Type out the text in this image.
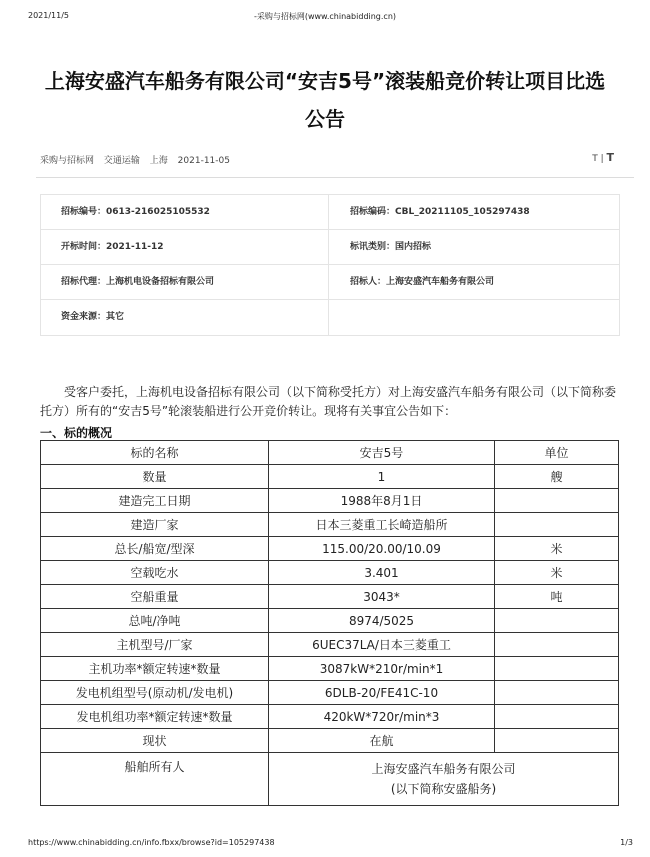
2021/11/5	-采购与招标网(www.chinabidding.cn)
上海安盛汽车船务有限公司“安吉5号”滚装船竞价转让项目比选公告
采购与招标网 交通运输 上海 2021-11-05	T | T
招标编号：0613-216025105532	招标编码：CBL_20211105_105297438
开标时间：2021-11-12	标讯类别：国内招标
招标代理：上海机电设备招标有限公司	招标人：上海安盛汽车船务有限公司
资金来源：其它
受客户委托，上海机电设备招标有限公司（以下简称受托方）对上海安盛汽车船务有限公司（以下简称委托方）所有的“安吉5号”轮滚装船进行公开竞价转让。现将有关事宜公告如下：
一、标的概况
标的名称	安吉5号	单位
数量	1	艘
建造完工日期	1988年8月1日	
建造厂家	日本三菱重工长崎造船所	
总长/船宽/型深	115.00/20.00/10.09	米
空载吃水	3.401	米
空船重量	3043*	吨
总吨/净吨	8974/5025	
主机型号/厂家	6UEC37LA/日本三菱重工	
主机功率*额定转速*数量	3087kW*210r/min*1	
发电机组型号(原动机/发电机)	6DLB-20/FE41C-10	
发电机组功率*额定转速*数量	420kW*720r/min*3	
现状	在航	
船舶所有人	上海安盛汽车船务有限公司
(以下简称安盛船务)	
https://www.chinabidding.cn/info.fbxx/browse?id=105297438	1/3
